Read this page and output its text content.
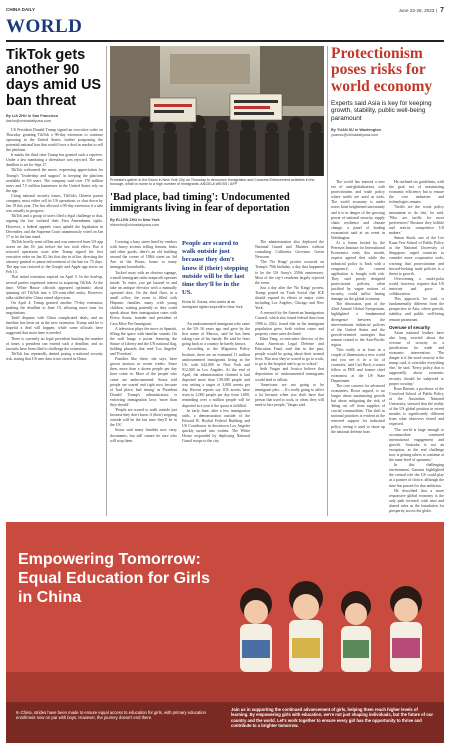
CHINA DAILY	June 22-28, 2023 | 7
WORLD
TikTok gets another 90 days amid US ban threat
By LIA ZHU in San Francisco
liazhu@chinadailyusa.com

US President Donald Trump signed an executive order on Thursday granting TikTok a 90-day extension to continue operating in the United States, further postponing the potential national ban that would force a deal in market to sell the platform.

It marks the third time Trump has granted such a reprieve. Under a law mandating a divestiture was rejected. The new deadline is set for Sept 17.

TikTok welcomed the move, expressing appreciation for Trump's "leadership and support" in keeping the platform available to US users. The company said over 170 million users and 7.5 million businesses in the United States rely on the app.

Citing national security issues, TikTok's Chinese parent company, must either sell its US operations or shut down by Jan 19 this year. The law allowed a 90-day extension if a sale was actually in progress.

TikTok and a group of users filed a legal challenge to that, arguing the law violated their First Amendment rights. However, a federal appeals court upheld the legislation in December, and the Supreme Court unanimously voted on Jan 17 to let the ban stand.

TikTok briefly went offline and was removed from US app stores on Jan 18, just before the law took effect. But it restored operations soon after Trump signed his first executive order on Jan 20, his first day in office, directing the attorney general to pause enforcement of the ban for 75 days. The app was restored to the Google and Apple app stores on Feb 13.

That initial extension expired on April 5. In the lead-up, several parties expressed interest in acquiring TikTok. At the time, White House officials appeared optimistic about spinning off TikTok into a US-controlled entity. However, talks stalled after China raised objections.

On April 4, Trump granted another 75-day extension, pushing the deadline to June 19, allowing more time for negotiations.

Tariff disputes with China complicated deals, and no timeline has been set in the new extension. Trump said he is hopeful a deal will happen, while some officials have suggested that more time is needed.

There is currently no legal precedent limiting the number of times a president can extend such a deadline, and no lawsuits have been filed to challenge the extensions.

TikTok has repeatedly denied posing a national security risk, stating that US user data is not stored in China.

Protesters gather in the Bronx in New York City on Thursday to denounce Immigration and Customs Enforcement activities in the borough, which is home to a high number of immigrants. ANGELA WEISS / AFP
'Bad place, bad timing': Undocumented immigrants living in fear of deportation
By ELLEN ZHU in New York
ellenzhu@chinadailyusa.com

Crossing a busy street lined by vendors with heavy accents selling lemons, fruits and other goods, there's an old building around the corner of 138th street on 3rd Ave in the Bronx, home to many immigrant households.

Tucked away with an obvious signage, a small immigrant radio nonprofit operates inside. To enter, you get buzzed in and take an antique elevator with a manually operated door. On the third floor, in a small office, the room is filled with Hispanic families, many with young children, waiting patiently as they could speak about their immigration cases with Elvira Sousa, founder and president of Casa Mixe Pro-Immigrant.

A television plays the news in Spanish, filling the space with familiar sounds. On the wall hangs a poster featuring the Statue of Liberty and the UN national flag, holding placards that read 'Los Angeles' and 'Freedom'.

Families like these, she says, have grown anxious in recent weeks. Since then, more than a dozen people per day have come in. More of the people who come are undocumented. Sousa told people are scared and right now because of 'bad place, bad timing' as President Donald Trump's administration is enforcing immigration laws 'more than they should'.

'People are scared to walk outside just because they don't know if (their) stepping outside will be the last time they'll be in the US.'

Sousa said many families now carry documents, but still cannot be sure who will stop them.

People are scared to walk outside just because they don't know if (their) stepping outside will be the last time they'll be in the US.
Elvira M. Sousa, who works at an immigrant rights nonprofit in New York

An undocumented immigrant who came to the US 16 years ago and gave by the first name of Marcos, said he has been taking care of his family. He said he fears going back to a country he barely knows.

According to the Migration Policy Institute, there are an estimated 11 million undocumented immigrants living in the US, with 642,000 in New York and 912,000 in Los Angeles. At the end of April, the administration claimed it had deported more than 139,000 people and was setting a target of 3,000 arrests per day. Recent reports say ICE arrests have risen to 2,000 people per day from 1,000, reminding over a million people will be deported in a year if the quota is fulfilled.

In early June, after a few immigration raids, a demonstration outside of the Edward R. Roybal Federal Building and US Courthouse in downtown Los Angeles quickly turned into violent. The White House responded by deploying National Guard troops to the city.

The administration also deployed the National Guard and Marines without consulting California Governor Gavin Newsom.

'The 'No Kings' protest occurred on Trump's 79th birthday, a day that happened to be the US Army's 250th anniversary. Most of the city's residents largely rejected the event.

Just a day after the 'No Kings' protest, Trump posted on Truth Social that ICE should expand its efforts in major cities including Los Angeles, Chicago and New York.

A research by the American Immigration Council, which also found federal data from 1990 to 2022, found that as the immigrant population grew, both violent crime and property crime rates declined.

Edna Yang, co-executive director of the Asian American Legal Defense and Education Fund, said that in the past, people would be going about their normal lives. 'But now they're scared to go to work, to go to the hospital and to go to school.'

Seth Vargas and Jessica believe that deportation of undocumented immigrants would lead to fallout.

'Americans are not going to be immigrant jobs. ... It's really going to affect a lot because when you don't have that person that used to cook, or clean, they will need to hire people,' Vargas said.

Protectionism poses risks for world economy
Experts said Asia is key for keeping growth, stability, public well-being paramount
By YUAN SU in Washington
yuansu@chinadailyusa.com

The world has entered a new era of anti-globalization, with protectionism and trade policy where tariffs are used as tools. The world economy is under stress from heightened uncertainty and it is in danger of the growing power of national security, supply chain resilience and climate change, a panel of leading economists said at an event in Washington.

At a forum hosted by the Peterson Institute for International Economics early this month, experts agreed that while the industrial policy is 'back with a vengeance', the current application is fraught with risk. They said poorly designed protectionist policies, often justified by vague notions of security, could inflict lasting damage on the global economy.

The discussion, part of the 42nd Annual Global Symposium, highlighted a fundamental divergence between the interventionist industrial policies of the United States and the growth-oriented strategies that remain central to the Asia-Pacific region.

'This really is at least in a couple of dimensions a new world and you see it in a lot of countries,' said Carl Bach, a senior fellow at PIIE and former chief economist at the US State Department.

The core concern for advanced economies, Bown argued, is no longer about maximizing growth but about mitigating the risk of 'being cut off' from supplies of crucial commodities. This shift in national priorities is evident in the renewed support for industrial policy, seeing it used to shore up the national defense base.

He outlined six guidelines, with the goal not of maximizing economic efficiency but to ensure the core industries and technologies remain.

'Tariffs are the worst policy instrument to do this,' he said. 'Who are tariffs for most preferences? Because they hobble and restrict competitive US makers.'

Simon Stuck, one of the Lee Kuan Yew School of Public Policy at the National University of Singapore, urged countries to consider more cooperative tools, warning that protectionism and inward-looking trade policies is a threat to growth.

Overcoming a multi-polar world, however, requires that US innovate and grow in collaboration.

This approach, he said, is fundamentally different from the perspective in Asia, where growth, stability and public well-being remain paramount.

Overuse of security

Asian national leaders have also long worried about the overuse of security as a justification for trade and economic intervention. 'The danger is if the word security is the trump card, it overrides everything else,' he said. 'Every policy that is supposedly about economic security should be subjected to proper scrutiny.'

Rose Barnett, a professor of the Crawford School of Public Policy at the Australian National University, stressed that the reality of the US global position in recent months is significantly different from what observers feared and expected.

'The world is large enough to accommodate continued international engagement and growth. Australia is not an exception, as the real challenge now is getting others to continue at the same level of openness.'

In this challenging environment, Garnaut highlighted the central role the US could play as a partner of choice, although the time has passed for that ambition.

He described that a more responsive global economy is the only path forward, with trust and shared rules as the foundation for prosperity across the globe.

Empowering Tomorrow: Equal Education for Girls in China
In China, strides have been made to ensure equal access to education for girls, with primary education enrollment now on par with boys. However, the journey doesn't end there.
Join us in supporting the continued advancement of girls, helping them reach higher levels of learning. By empowering girls with education, we're not just shaping individuals, but the future of our country and the world. Let's work together to ensure every girl has the opportunity to thrive and contribute to a brighter tomorrow.
